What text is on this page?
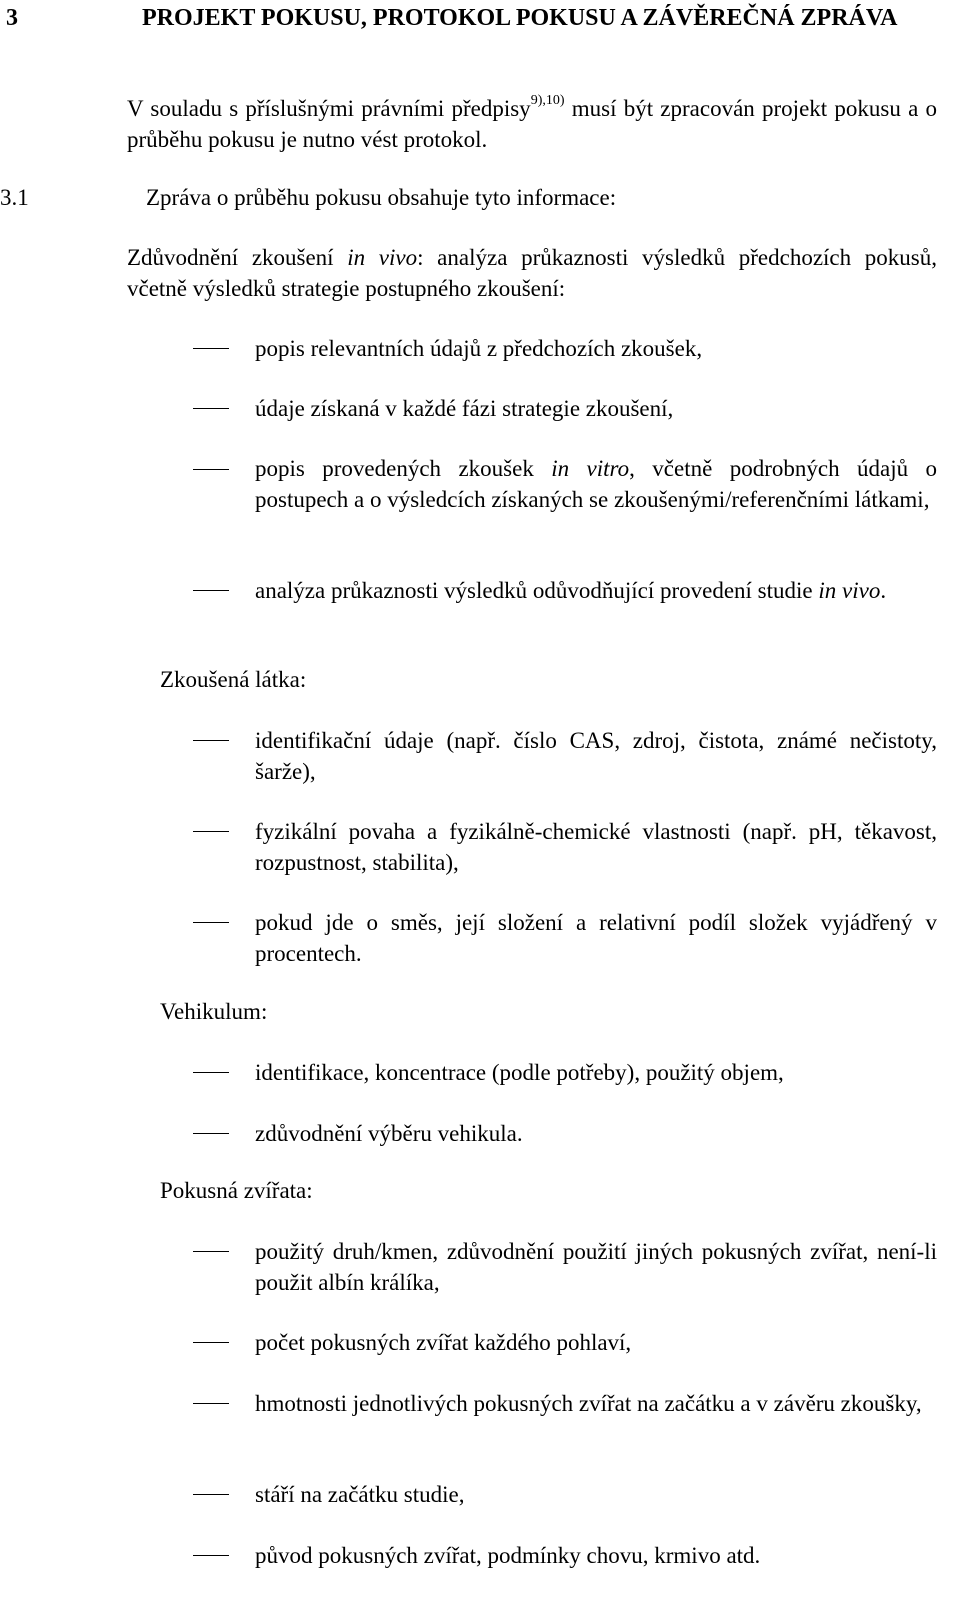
3	PROJEKT POKUSU, PROTOKOL POKUSU A ZÁVĚREČNÁ ZPRÁVA
V souladu s příslušnými právními předpisy$^{9),10)}$ musí být zpracován projekt pokusu a o průběhu pokusu je nutno vést protokol.
3.1	Zpráva o průběhu pokusu obsahuje tyto informace:
Zdůvodnění zkoušení in vivo: analýza průkaznosti výsledků předchozích pokusů, včetně výsledků strategie postupného zkoušení:
popis relevantních údajů z předchozích zkoušek,
údaje získaná v každé fázi strategie zkoušení,
popis provedených zkoušek in vitro, včetně podrobných údajů o postupech a o výsledcích získaných se zkoušenými/referenčními látkami,
analýza průkaznosti výsledků odůvodňující provedení studie in vivo.
Zkoušená látka:
identifikační údaje (např. číslo CAS, zdroj, čistota, známé nečistoty, šarže),
fyzikální povaha a fyzikálně-chemické vlastnosti (např. pH, těkavost, rozpustnost, stabilita),
pokud jde o směs, její složení a relativní podíl složek vyjádřený v procentech.
Vehikulum:
identifikace, koncentrace (podle potřeby), použitý objem,
zdůvodnění výběru vehikula.
Pokusná zvířata:
použitý druh/kmen, zdůvodnění použití jiných pokusných zvířat, není-li použit albín králíka,
počet pokusných zvířat každého pohlaví,
hmotnosti jednotlivých pokusných zvířat na začátku a v závěru zkoušky,
stáří na začátku studie,
původ pokusných zvířat, podmínky chovu, krmivo atd.
